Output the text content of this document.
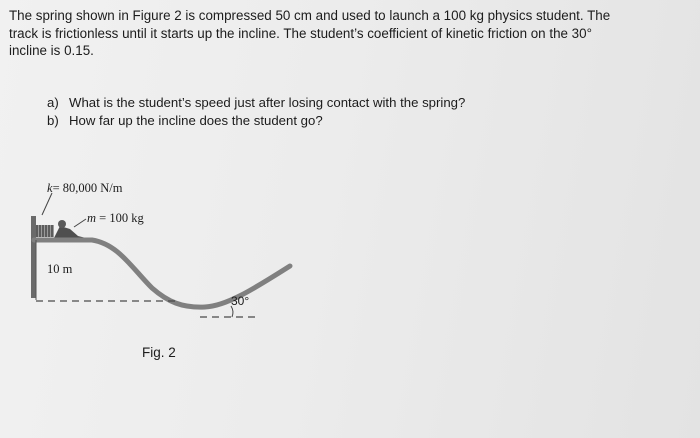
The spring shown in Figure 2 is compressed 50 cm and used to launch a 100 kg physics student. The
track is frictionless until it starts up the incline. The student’s coefficient of kinetic friction on the 30°
incline is 0.15.

a) What is the student’s speed just after losing contact with the spring?
b) How far up the incline does the student go?
k= 80,000 N/m
m = 100 kg
10 m
30°
Fig. 2
